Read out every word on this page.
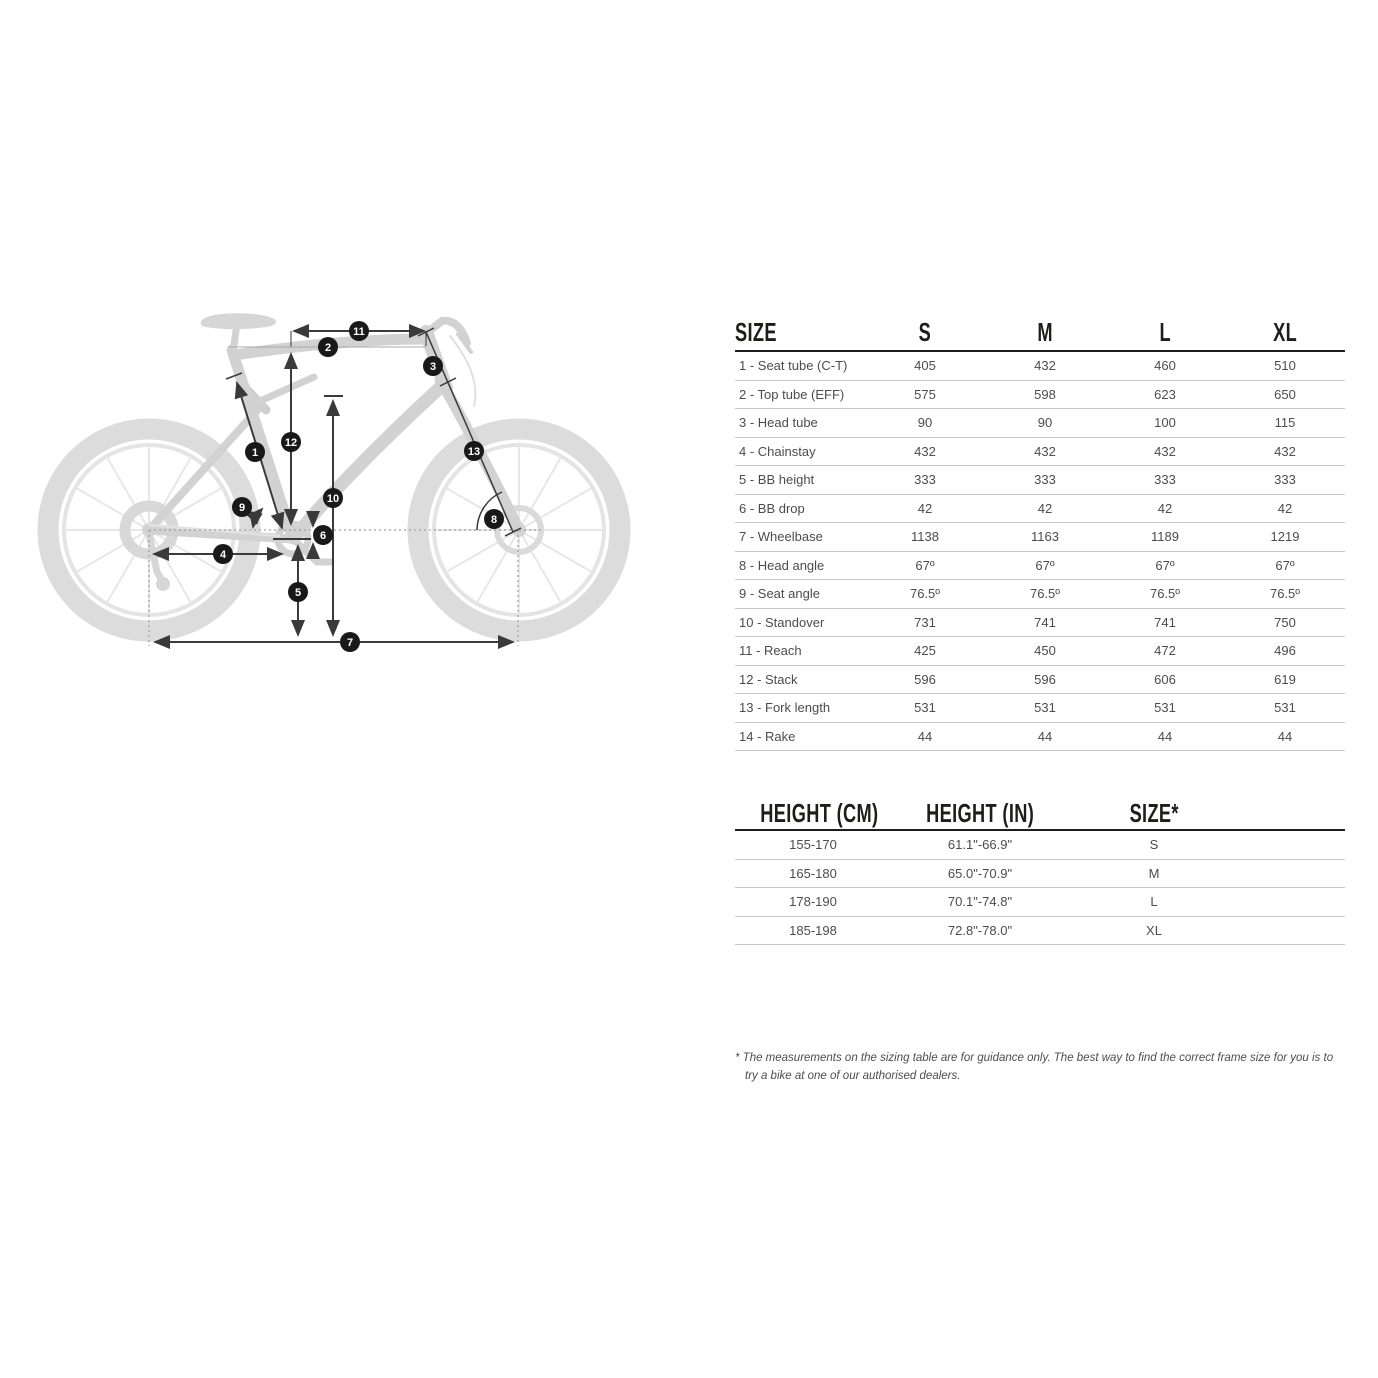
1
2
3
4
5
6
7
8
9
10
11
12
13
SIZE	S	M	L	XL
1 - Seat tube (C-T)	405	432	460	510
2 - Top tube (EFF)	575	598	623	650
3 - Head tube	90	90	100	115
4 - Chainstay	432	432	432	432
5 - BB height	333	333	333	333
6 - BB drop	42	42	42	42
7 - Wheelbase	1138	1163	1189	1219
8 - Head angle	67º	67º	67º	67º
9 - Seat angle	76.5º	76.5º	76.5º	76.5º
10 - Standover	731	741	741	750
11 - Reach	425	450	472	496
12 - Stack	596	596	606	619
13 - Fork length	531	531	531	531
14 - Rake	44	44	44	44
HEIGHT (CM)	HEIGHT (IN)	SIZE*
155-170	61.1"-66.9"	S
165-180	65.0"-70.9"	M
178-190	70.1"-74.8"	L
185-198	72.8"-78.0"	XL
* The measurements on the sizing table are for guidance only. The best way to find the correct frame size for you is to try a bike at one of our authorised dealers.
